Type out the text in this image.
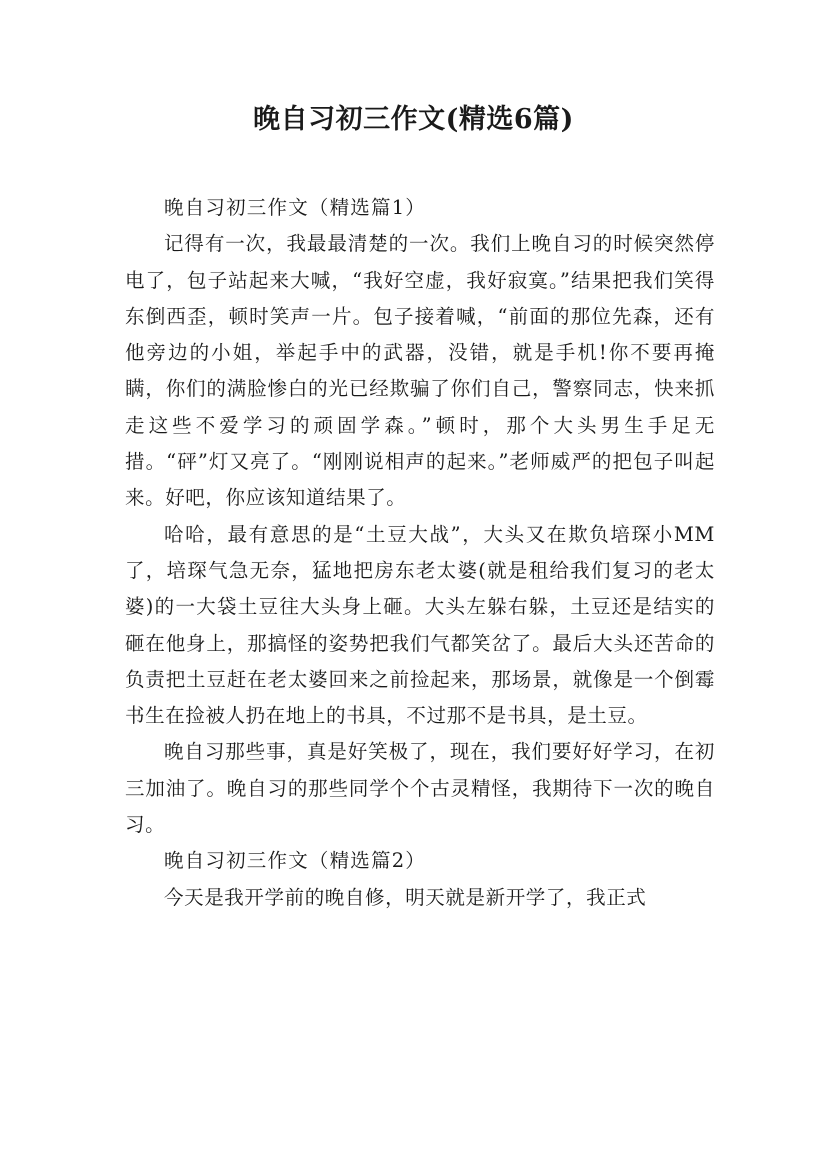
晚自习初三作文(精选6篇)

晚自习初三作文（精选篇1）

记得有一次，我最最清楚的一次。我们上晚自习的时候突然停电了，包子站起来大喊，“我好空虚，我好寂寞。”结果把我们笑得东倒西歪，顿时笑声一片。包子接着喊，“前面的那位先森，还有他旁边的小姐，举起手中的武器，没错，就是手机!你不要再掩瞒，你们的满脸惨白的光已经欺骗了你们自己，警察同志，快来抓走这些不爱学习的顽固学森。”顿时，那个大头男生手足无措。“砰”灯又亮了。“刚刚说相声的起来。”老师威严的把包子叫起来。好吧，你应该知道结果了。

哈哈，最有意思的是“土豆大战”，大头又在欺负培琛小MM了，培琛气急无奈，猛地把房东老太婆(就是租给我们复习的老太婆)的一大袋土豆往大头身上砸。大头左躲右躲，土豆还是结实的砸在他身上，那搞怪的姿势把我们气都笑岔了。最后大头还苦命的负责把土豆赶在老太婆回来之前捡起来，那场景，就像是一个倒霉书生在捡被人扔在地上的书具，不过那不是书具，是土豆。

晚自习那些事，真是好笑极了，现在，我们要好好学习，在初三加油了。晚自习的那些同学个个古灵精怪，我期待下一次的晚自习。

晚自习初三作文（精选篇2）

今天是我开学前的晚自修，明天就是新开学了，我正式
